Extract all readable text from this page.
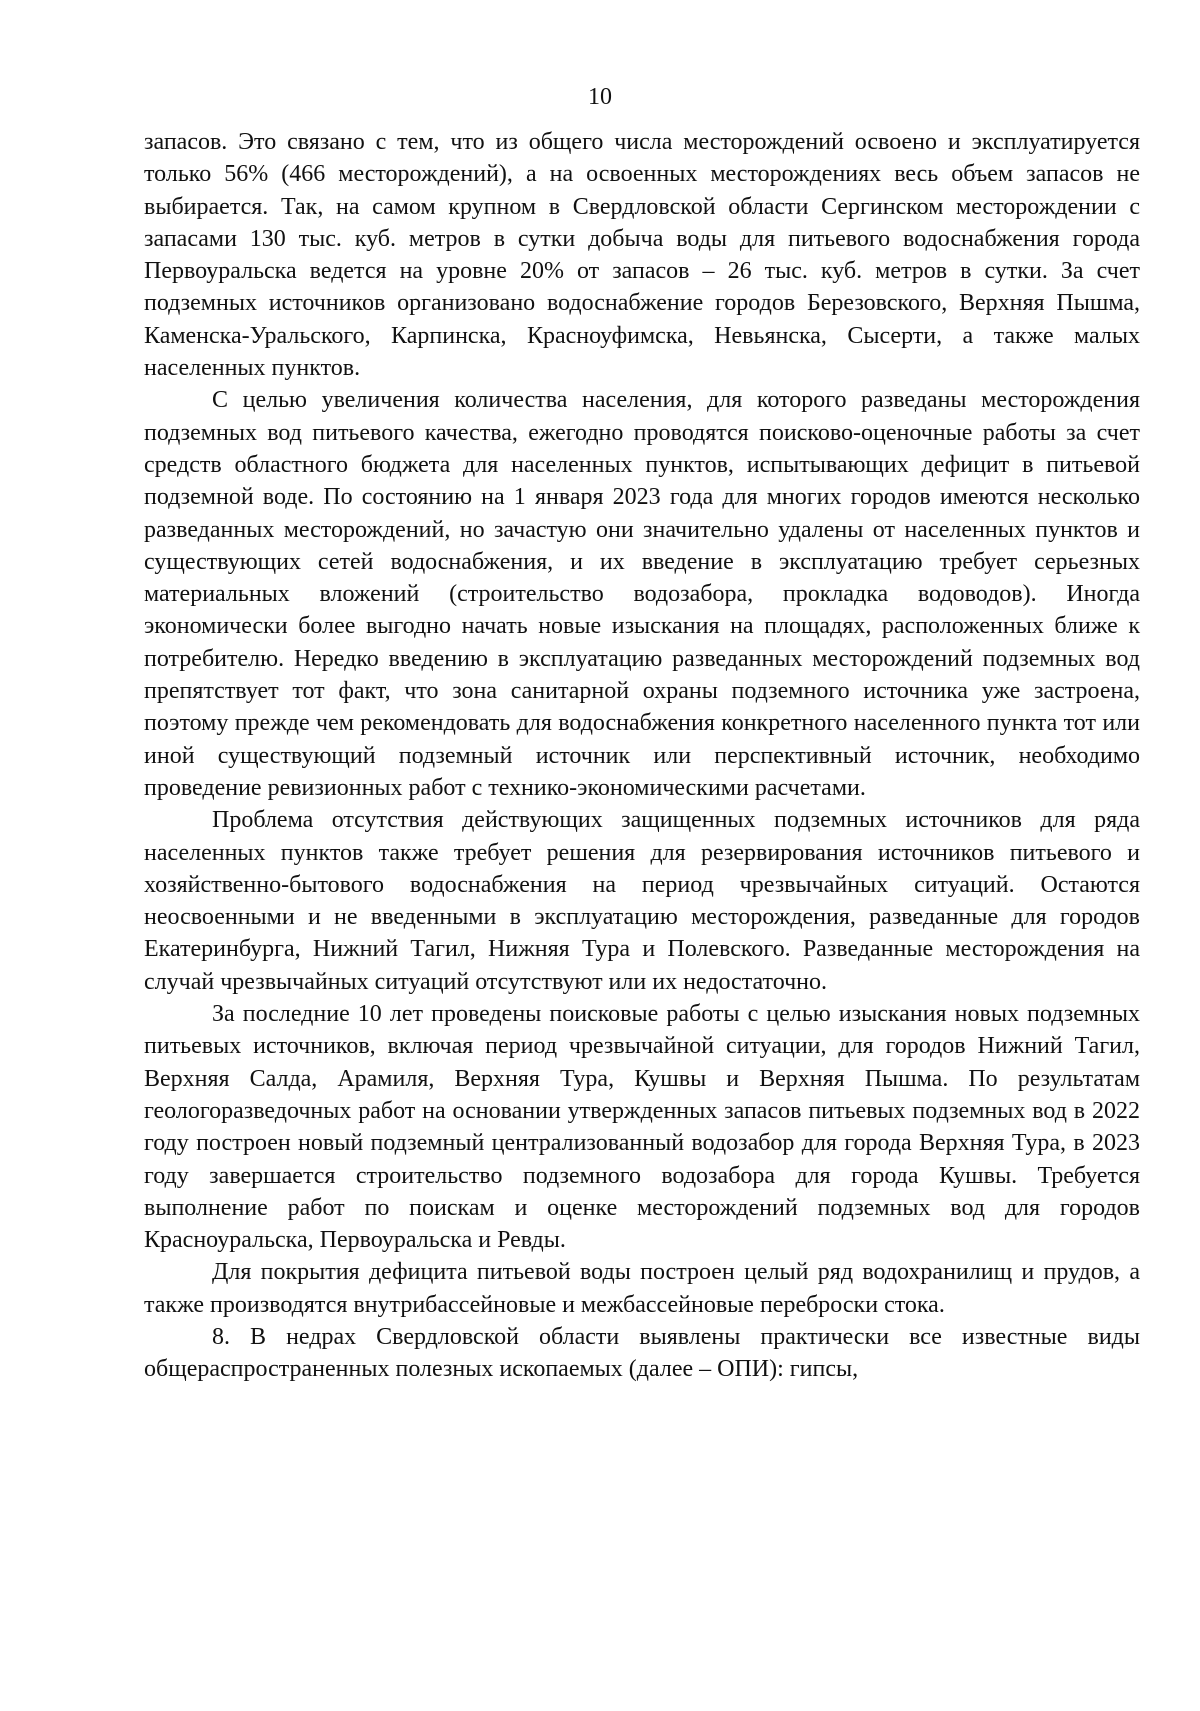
10

запасов. Это связано с тем, что из общего числа месторождений освоено и эксплуатируется только 56% (466 месторождений), а на освоенных месторождениях весь объем запасов не выбирается. Так, на самом крупном в Свердловской области Сергинском месторождении с запасами 130 тыс. куб. метров в сутки добыча воды для питьевого водоснабжения города Первоуральска ведется на уровне 20% от запасов – 26 тыс. куб. метров в сутки. За счет подземных источников организовано водоснабжение городов Березовского, Верхняя Пышма, Каменска-Уральского, Карпинска, Красноуфимска, Невьянска, Сысерти, а также малых населенных пунктов.

С целью увеличения количества населения, для которого разведаны месторождения подземных вод питьевого качества, ежегодно проводятся поисково-оценочные работы за счет средств областного бюджета для населенных пунктов, испытывающих дефицит в питьевой подземной воде. По состоянию на 1 января 2023 года для многих городов имеются несколько разведанных месторождений, но зачастую они значительно удалены от населенных пунктов и существующих сетей водоснабжения, и их введение в эксплуатацию требует серьезных материальных вложений (строительство водозабора, прокладка водоводов). Иногда экономически более выгодно начать новые изыскания на площадях, расположенных ближе к потребителю. Нередко введению в эксплуатацию разведанных месторождений подземных вод препятствует тот факт, что зона санитарной охраны подземного источника уже застроена, поэтому прежде чем рекомендовать для водоснабжения конкретного населенного пункта тот или иной существующий подземный источник или перспективный источник, необходимо проведение ревизионных работ с технико-экономическими расчетами.

Проблема отсутствия действующих защищенных подземных источников для ряда населенных пунктов также требует решения для резервирования источников питьевого и хозяйственно-бытового водоснабжения на период чрезвычайных ситуаций. Остаются неосвоенными и не введенными в эксплуатацию месторождения, разведанные для городов Екатеринбурга, Нижний Тагил, Нижняя Тура и Полевского. Разведанные месторождения на случай чрезвычайных ситуаций отсутствуют или их недостаточно.

За последние 10 лет проведены поисковые работы с целью изыскания новых подземных питьевых источников, включая период чрезвычайной ситуации, для городов Нижний Тагил, Верхняя Салда, Арамиля, Верхняя Тура, Кушвы и Верхняя Пышма. По результатам геологоразведочных работ на основании утвержденных запасов питьевых подземных вод в 2022 году построен новый подземный централизованный водозабор для города Верхняя Тура, в 2023 году завершается строительство подземного водозабора для города Кушвы. Требуется выполнение работ по поискам и оценке месторождений подземных вод для городов Красноуральска, Первоуральска и Ревды.

Для покрытия дефицита питьевой воды построен целый ряд водохранилищ и прудов, а также производятся внутрибассейновые и межбассейновые переброски стока.

8. В недрах Свердловской области выявлены практически все известные виды общераспространенных полезных ископаемых (далее – ОПИ): гипсы,
